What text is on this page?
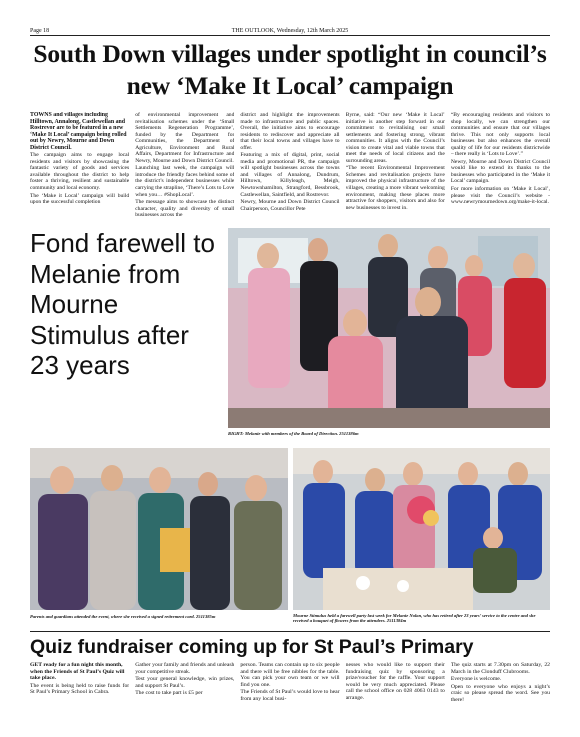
Page 18	THE OUTLOOK, Wednesday, 12th March 2025
South Down villages under spotlight in council’s new ‘Make It Local’ campaign

TOWNS and villages including Hilltown, Annalong, Castlewellan and Rostrevor are to be featured in a new ‘Make It Local’ campaign being rolled out by Newry, Mourne and Down District Council.

The campaign aims to engage local residents and visitors by showcasing the fantastic variety of goods and services available throughout the district to help foster a thriving, resilient and sustainable community and local economy.

The ‘Make it Local’ campaign will build upon the successful completion

of environmental improvement and revitalisation schemes under the ‘Small Settlements Regeneration Programme’, funded by the Department for Communities, the Department of Agriculture, Environment and Rural Affairs, Department for Infrastructure and Newry, Mourne and Down District Council.

Launching last week, the campaign will introduce the friendly faces behind some of the district’s independent businesses while carrying the strapline, ‘There’s Lots to Love when you… #ShopLocal’.

The message aims to showcase the distinct character, quality and diversity of small businesses across the

district and highlight the improvements made to infrastructure and public spaces. Overall, the initiative aims to encourage residents to rediscover and appreciate all that their local towns and villages have to offer.

Featuring a mix of digital, print, social media and promotional PR, the campaign will spotlight businesses across the towns and villages of Annalong, Dundrum, Hilltown, Killyleagh, Meigh, Newtownhamilton, Strangford, Bessbrook, Castlewellan, Saintfield, and Rostrevor.

Newry, Mourne and Down District Council Chairperson, Councillor Pete

Byrne, said: “Our new ‘Make it Local’ initiative is another step forward in our commitment to revitalising our small settlements and fostering strong, vibrant communities. It aligns with the Council’s vision to create vital and viable towns that meet the needs of local citizens and the surrounding areas.

“The recent Environmental Improvement Schemes and revitalisation projects have improved the physical infrastructure of the villages, creating a more vibrant welcoming environment, making these places more attractive for shoppers, visitors and also for new businesses to invest in.

“By encouraging residents and visitors to shop locally, we can strengthen our communities and ensure that our villages thrive. This not only supports local businesses but also enhances the overall quality of life for our residents districtwide – there really is ‘Lots to Love’.”

Newry, Mourne and Down District Council would like to extend its thanks to the businesses who participated in the ‘Make it Local’ campaign.

For more information on ‘Make it Local’, please visit the Council’s website - www.newrymournedown.org/make-it-local.

Fond farewell to Melanie from Mourne Stimulus after 23 years
RIGHT: Melanie with members of the Board of Direction. 2511386m
Parents and guardians attended the event, where she received a signed retirement card. 2511385m	Mourne Stimulus held a farewell party last week for Melanie Nolan, who has retired after 23 years’ service to the centre and she received a bouquet of flowers from the attendees. 2511384m
Quiz fundraiser coming up for St Paul’s Primary

GET ready for a fun night this month, when the Friends of St Paul’s Quiz will take place.

The event is being held to raise funds for St Paul’s Primary School in Cabra.

Gather your family and friends and unleash your competitive streak.

Test your general knowledge, win prizes, and support St Paul’s.

The cost to take part is £5 per

person. Teams can contain up to six people and there will be free nibbles for the table. You can pick your own team or we will find you one.

The Friends of St Paul’s would love to hear from any local busi-

nesses who would like to support their fundraising quiz by sponsoring a prize/voucher for the raffle. Your support would be very much appreciated. Please call the school office on 028 4063 0143 to arrange.

The quiz starts at 7.30pm on Saturday, 22 March in the Clonduff Clubrooms.

Everyone is welcome.

Open to everyone who enjoys a night’s craic so please spread the word. See you there!
